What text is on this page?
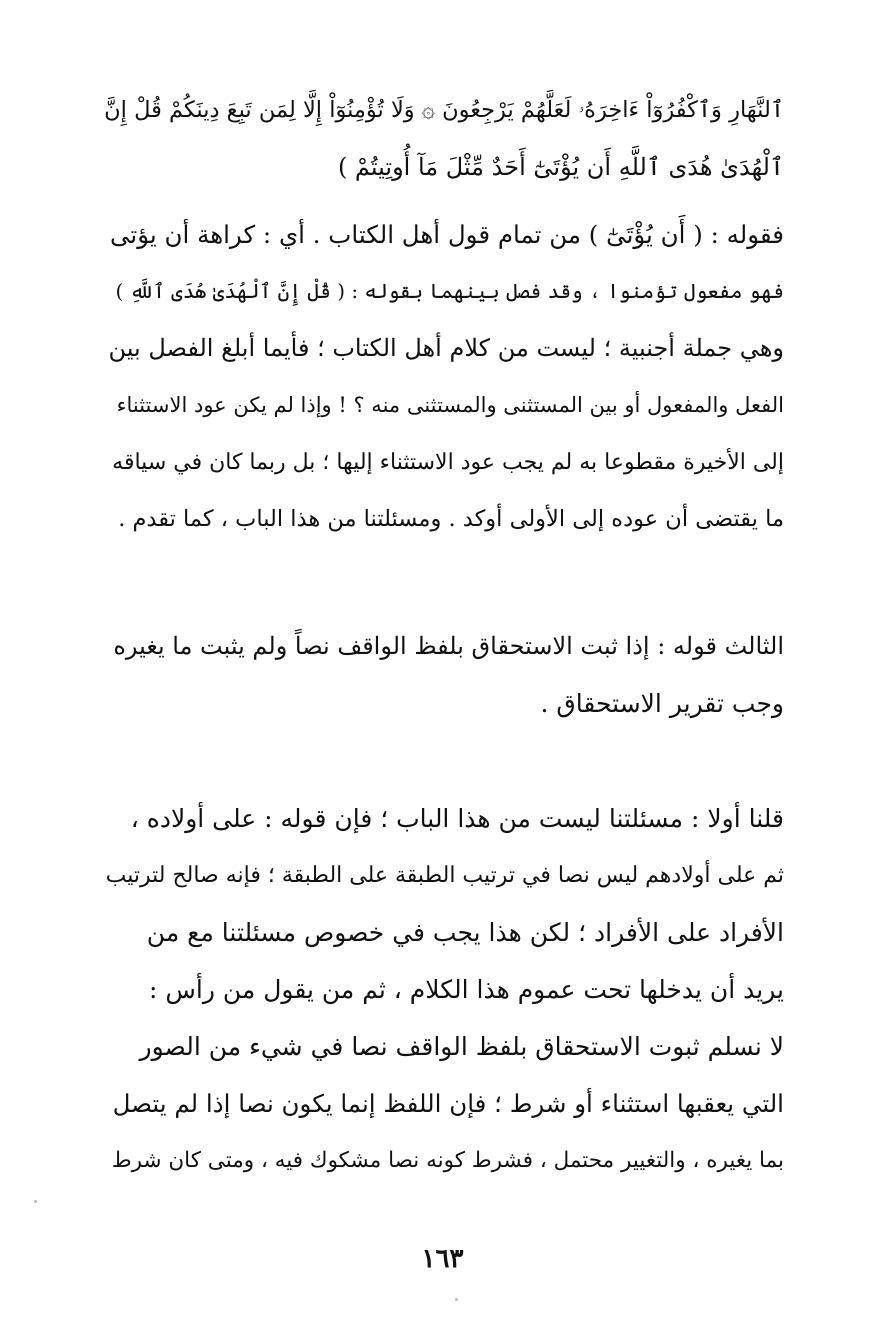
ٱلنَّهَارِ وَٱكْفُرُوٓاْ ءَاخِرَهُۥ لَعَلَّهُمْ يَرْجِعُونَ ۞ وَلَا تُؤْمِنُوٓاْ إِلَّا لِمَن تَبِعَ دِينَكُمْ قُلْ إِنَّ
ٱلْهُدَىٰ هُدَى ٱللَّهِ أَن يُؤْتَىٰٓ أَحَدٌ مِّثْلَ مَآ أُوتِيتُمْ )
فقوله : ( أَن يُؤْتَىٰٓ ) من تمام قول أهل الكتاب . أي : كراهة أن يؤتى
فهو مفعول تؤمنوا ، وقد فصل بينهما بقوله : ( قُلْ إِنَّ ٱلْهُدَىٰ هُدَى ٱللَّهِ )
وهي جملة أجنبية ؛ ليست من كلام أهل الكتاب ؛ فأيما أبلغ الفصل بين
الفعل والمفعول أو بين المستثنى والمستثنى منه ؟ ! وإذا لم يكن عود الاستثناء
إلى الأخيرة مقطوعا به لم يجب عود الاستثناء إليها ؛ بل ربما كان في سياقه
ما يقتضى أن عوده إلى الأولى أوكد . ومسئلتنا من هذا الباب ، كما تقدم .
الثالث قوله : إذا ثبت الاستحقاق بلفظ الواقف نصاً ولم يثبت ما يغيره
وجب تقرير الاستحقاق .
قلنا أولا : مسئلتنا ليست من هذا الباب ؛ فإن قوله : على أولاده ،
ثم على أولادهم ليس نصا في ترتيب الطبقة على الطبقة ؛ فإنه صالح لترتيب
الأفراد على الأفراد ؛ لكن هذا يجب في خصوص مسئلتنا مع من
يريد أن يدخلها تحت عموم هذا الكلام ، ثم من يقول من رأس :
لا نسلم ثبوت الاستحقاق بلفظ الواقف نصا في شيء من الصور
التي يعقبها استثناء أو شرط ؛ فإن اللفظ إنما يكون نصا إذا لم يتصل
بما يغيره ، والتغيير محتمل ، فشرط كونه نصا مشكوك فيه ، ومتى كان شرط
١٦٣
